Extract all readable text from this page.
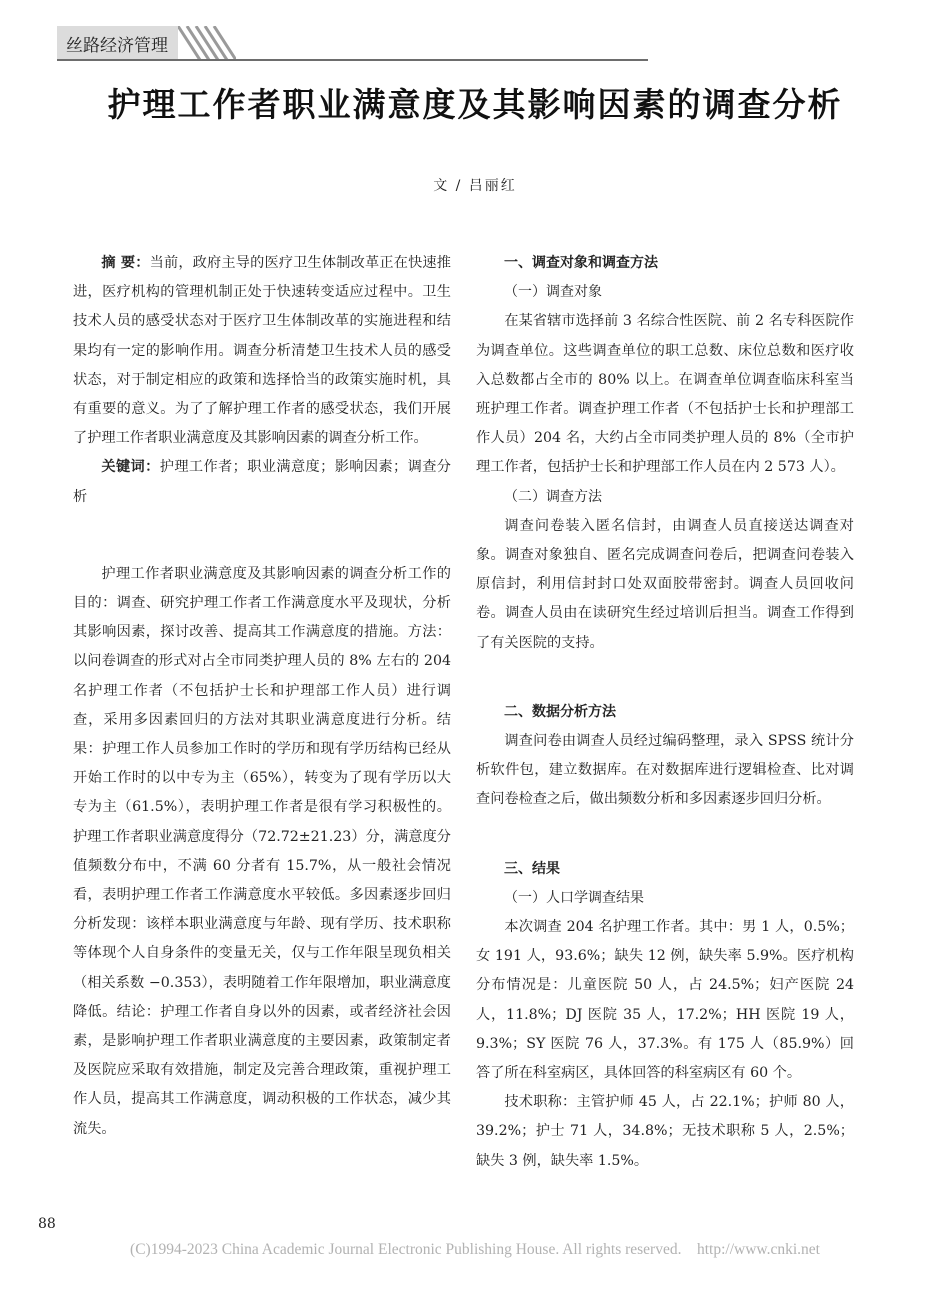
丝路经济管理
护理工作者职业满意度及其影响因素的调查分析
文 / 吕丽红

摘 要：当前，政府主导的医疗卫生体制改革正在快速推进，医疗机构的管理机制正处于快速转变适应过程中。卫生技术人员的感受状态对于医疗卫生体制改革的实施进程和结果均有一定的影响作用。调查分析清楚卫生技术人员的感受状态，对于制定相应的政策和选择恰当的政策实施时机，具有重要的意义。为了了解护理工作者的感受状态，我们开展了护理工作者职业满意度及其影响因素的调查分析工作。

关键词：护理工作者；职业满意度；影响因素；调查分析

护理工作者职业满意度及其影响因素的调查分析工作的目的：调查、研究护理工作者工作满意度水平及现状，分析其影响因素，探讨改善、提高其工作满意度的措施。方法：以问卷调查的形式对占全市同类护理人员的 8% 左右的 204 名护理工作者（不包括护士长和护理部工作人员）进行调查，采用多因素回归的方法对其职业满意度进行分析。结果：护理工作人员参加工作时的学历和现有学历结构已经从开始工作时的以中专为主（65%），转变为了现有学历以大专为主（61.5%），表明护理工作者是很有学习积极性的。护理工作者职业满意度得分（72.72±21.23）分，满意度分值频数分布中，不满 60 分者有 15.7%，从一般社会情况看，表明护理工作者工作满意度水平较低。多因素逐步回归分析发现：该样本职业满意度与年龄、现有学历、技术职称等体现个人自身条件的变量无关，仅与工作年限呈现负相关（相关系数 −0.353），表明随着工作年限增加，职业满意度降低。结论：护理工作者自身以外的因素，或者经济社会因素，是影响护理工作者职业满意度的主要因素，政策制定者及医院应采取有效措施，制定及完善合理政策，重视护理工作人员，提高其工作满意度，调动积极的工作状态，减少其流失。

一、调查对象和调查方法

（一）调查对象

在某省辖市选择前 3 名综合性医院、前 2 名专科医院作为调查单位。这些调查单位的职工总数、床位总数和医疗收入总数都占全市的 80% 以上。在调查单位调查临床科室当班护理工作者。调查护理工作者（不包括护士长和护理部工作人员）204 名，大约占全市同类护理人员的 8%（全市护理工作者，包括护士长和护理部工作人员在内 2 573 人）。

（二）调查方法

调查问卷装入匿名信封，由调查人员直接送达调查对象。调查对象独自、匿名完成调查问卷后，把调查问卷装入原信封，利用信封封口处双面胶带密封。调查人员回收问卷。调查人员由在读研究生经过培训后担当。调查工作得到了有关医院的支持。

二、数据分析方法

调查问卷由调查人员经过编码整理，录入 SPSS 统计分析软件包，建立数据库。在对数据库进行逻辑检查、比对调查问卷检查之后，做出频数分析和多因素逐步回归分析。

三、结果

（一）人口学调查结果

本次调查 204 名护理工作者。其中：男 1 人，0.5%；女 191 人，93.6%；缺失 12 例，缺失率 5.9%。医疗机构分布情况是：儿童医院 50 人，占 24.5%；妇产医院 24 人，11.8%；DJ 医院 35 人，17.2%；HH 医院 19 人，9.3%；SY 医院 76 人，37.3%。有 175 人（85.9%）回答了所在科室病区，具体回答的科室病区有 60 个。

技术职称：主管护师 45 人，占 22.1%；护师 80 人，39.2%；护士 71 人，34.8%；无技术职称 5 人，2.5%；缺失 3 例，缺失率 1.5%。

88
(C)1994-2023 China Academic Journal Electronic Publishing House. All rights reserved.    http://www.cnki.net
